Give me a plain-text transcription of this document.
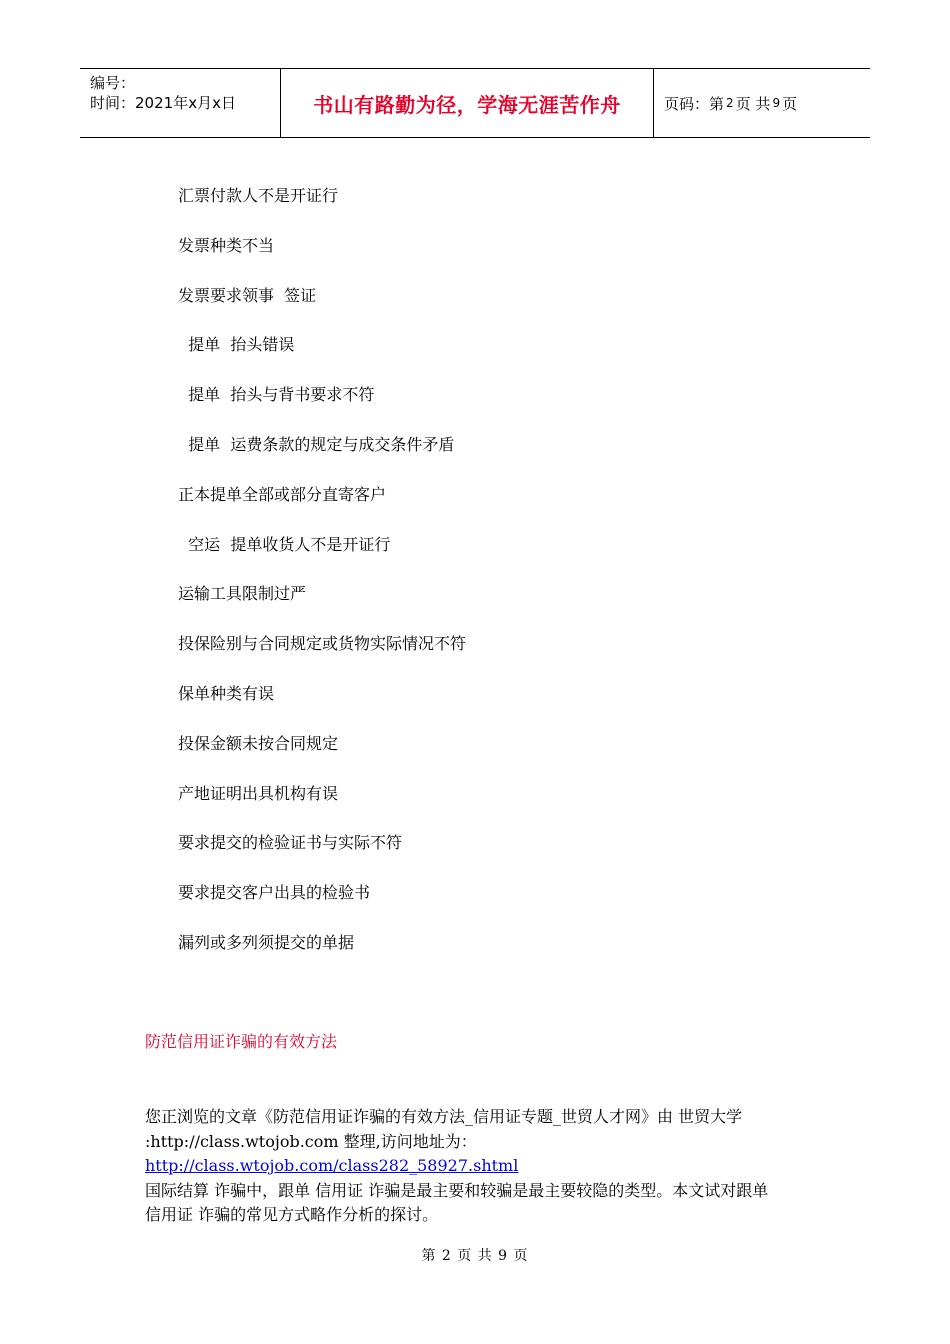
编号：
时间：2021年x月x日	书山有路勤为径，学海无涯苦作舟	页码：第 2 页 共 9 页
汇票付款人不是开证行
发票种类不当
发票要求领事  签证
提单  抬头错误
提单  抬头与背书要求不符
提单  运费条款的规定与成交条件矛盾
正本提单全部或部分直寄客户
空运  提单收货人不是开证行
运输工具限制过严
投保险别与合同规定或货物实际情况不符
保单种类有误
投保金额未按合同规定
产地证明出具机构有误
要求提交的检验证书与实际不符
要求提交客户出具的检验书
漏列或多列须提交的单据
防范信用证诈骗的有效方法
您正浏览的文章《防范信用证诈骗的有效方法_信用证专题_世贸人才网》由 世贸大学
:http://class.wtojob.com 整理,访问地址为：http://class.wtojob.com/class282_58927.shtml
国际结算 诈骗中，跟单 信用证 诈骗是最主要和较骗是最主要较隐的类型。本文试对跟单
信用证 诈骗的常见方式略作分析的探讨。
第 2 页 共 9 页
